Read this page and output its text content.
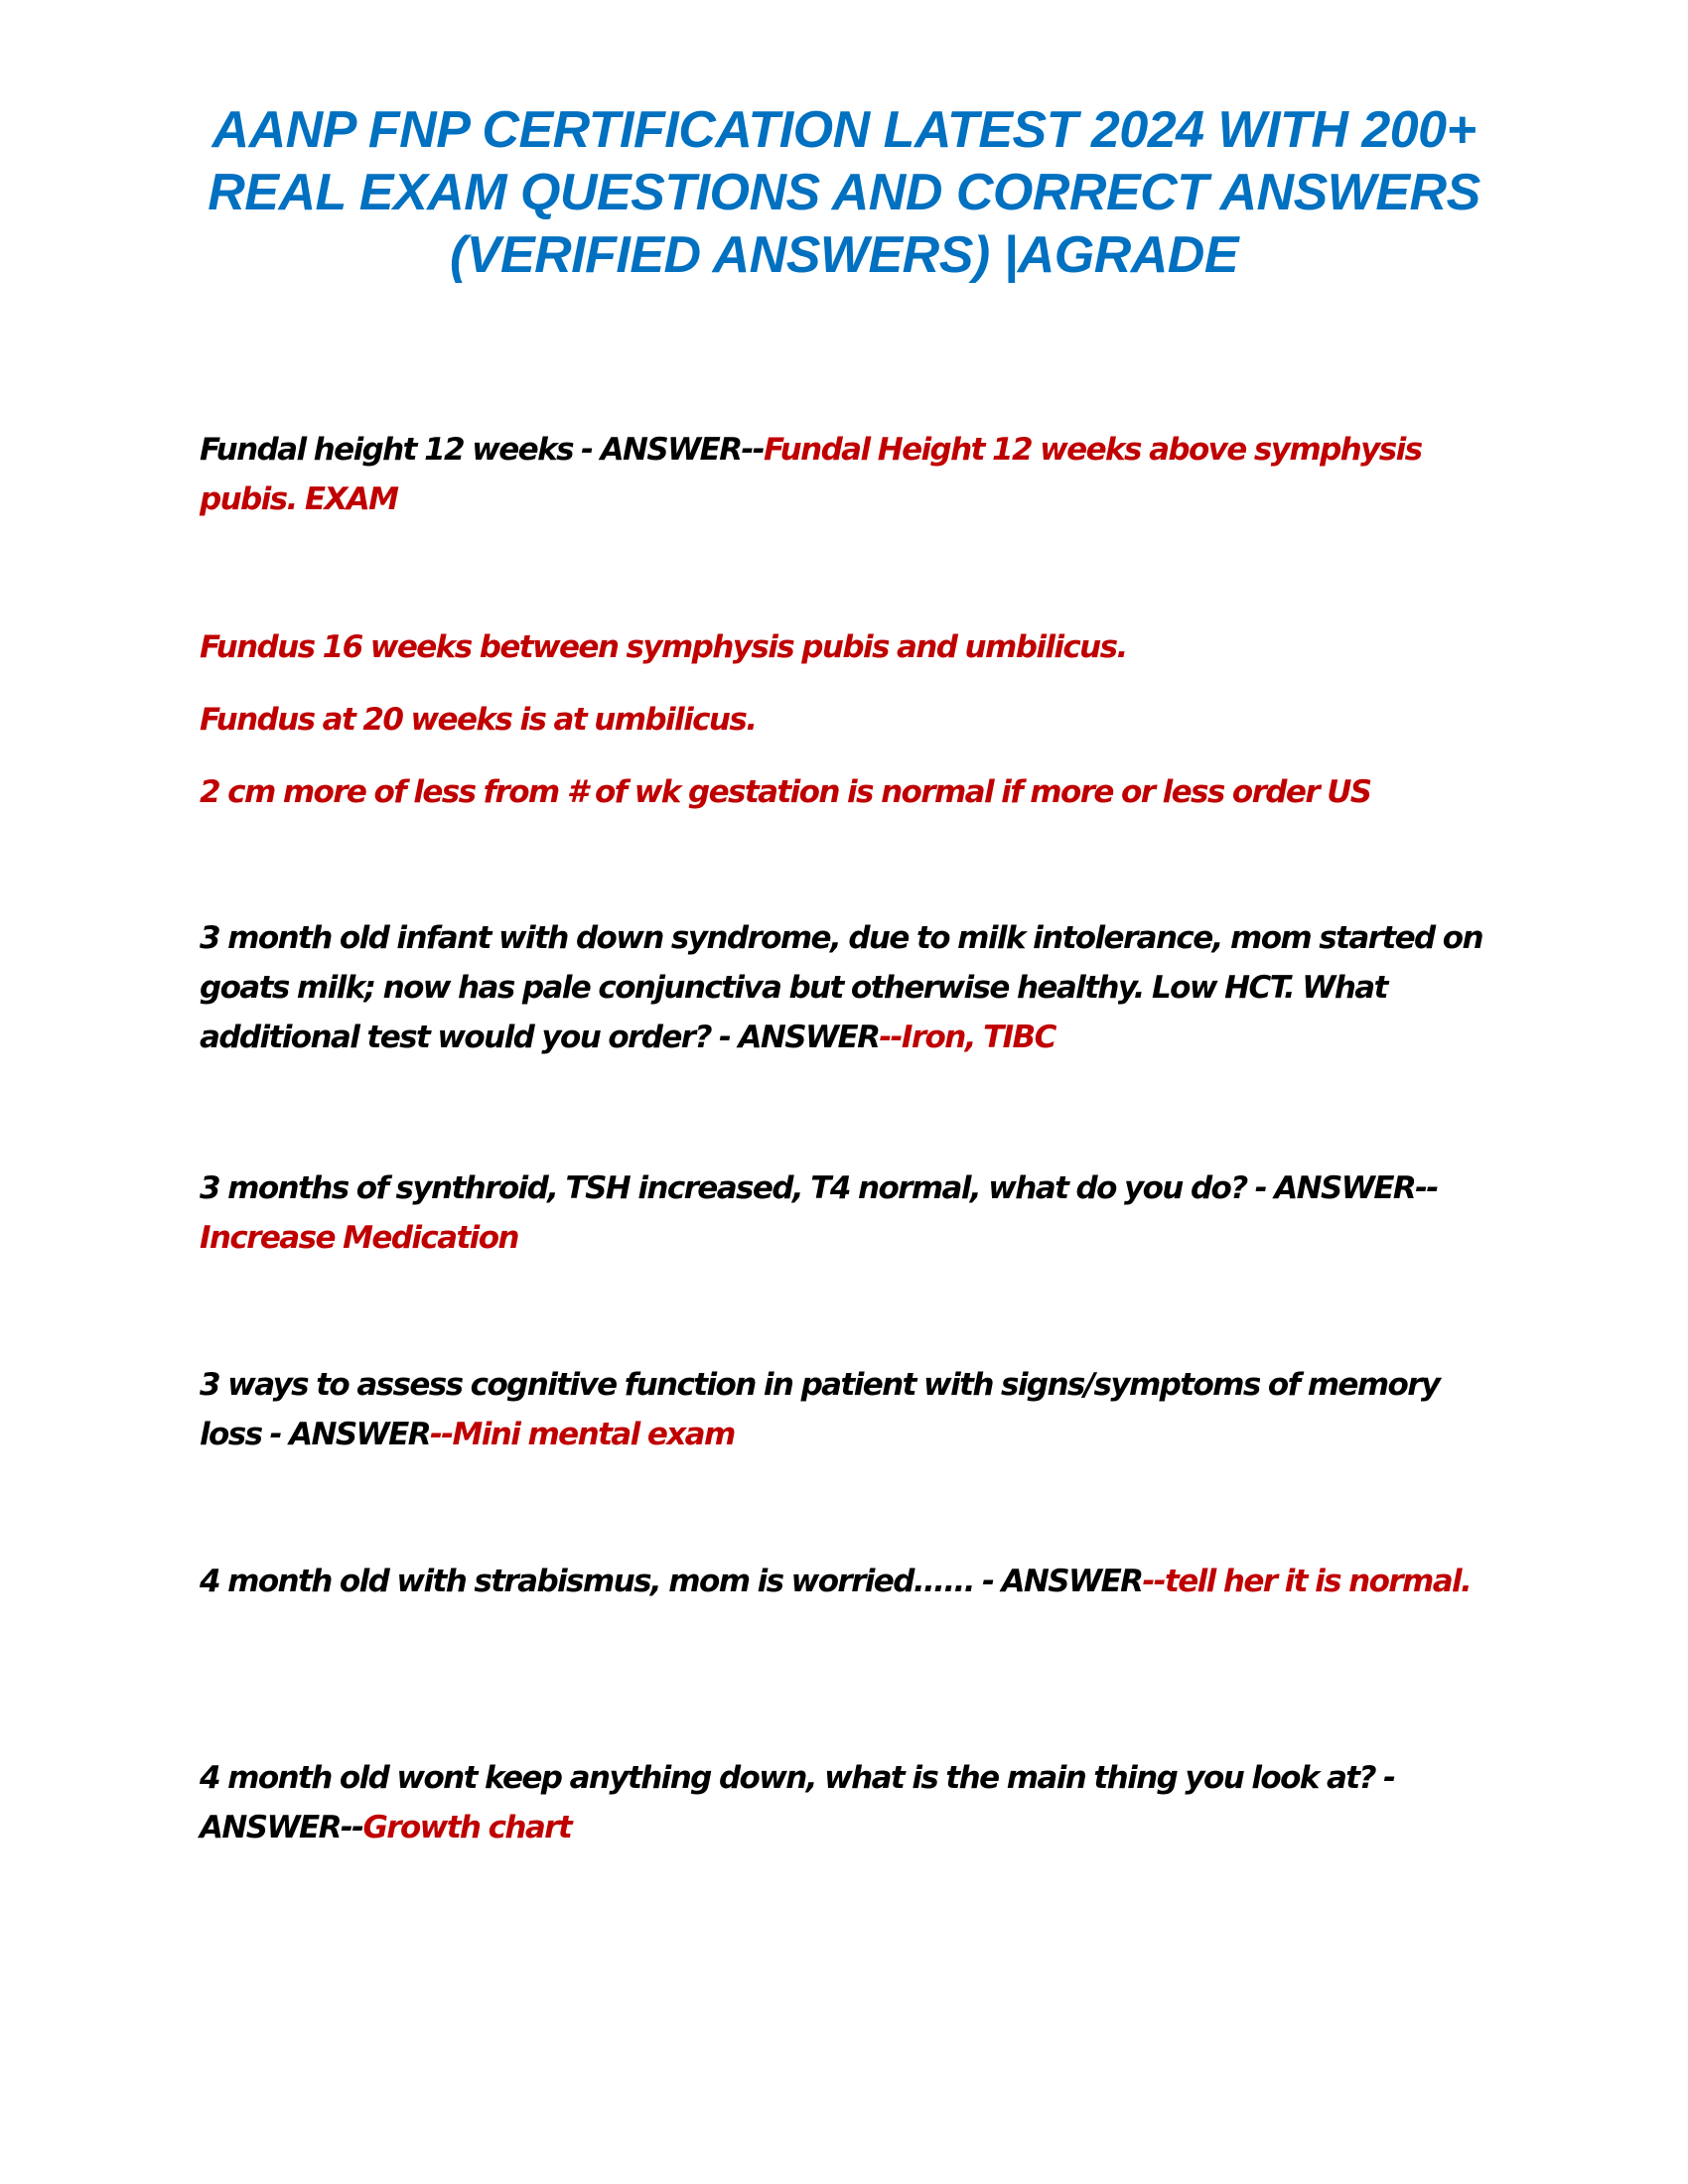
AANP FNP CERTIFICATION LATEST 2024 WITH 200+ REAL EXAM QUESTIONS AND CORRECT ANSWERS (VERIFIED ANSWERS) |AGRADE

Fundal height 12 weeks - ANSWER--Fundal Height 12 weeks above symphysis pubis. EXAM

Fundus 16 weeks between symphysis pubis and umbilicus.

Fundus at 20 weeks is at umbilicus.

2 cm more of less from # of wk gestation is normal if more or less order US

3 month old infant with down syndrome, due to milk intolerance, mom started on goats milk; now has pale conjunctiva but otherwise healthy. Low HCT. What additional test would you order? - ANSWER--Iron, TIBC

3 months of synthroid, TSH increased, T4 normal, what do you do? - ANSWER-- Increase Medication

3 ways to assess cognitive function in patient with signs/symptoms of memory loss - ANSWER--Mini mental exam

4 month old with strabismus, mom is worried...... - ANSWER--tell her it is normal.

4 month old wont keep anything down, what is the main thing you look at? - ANSWER--Growth chart
